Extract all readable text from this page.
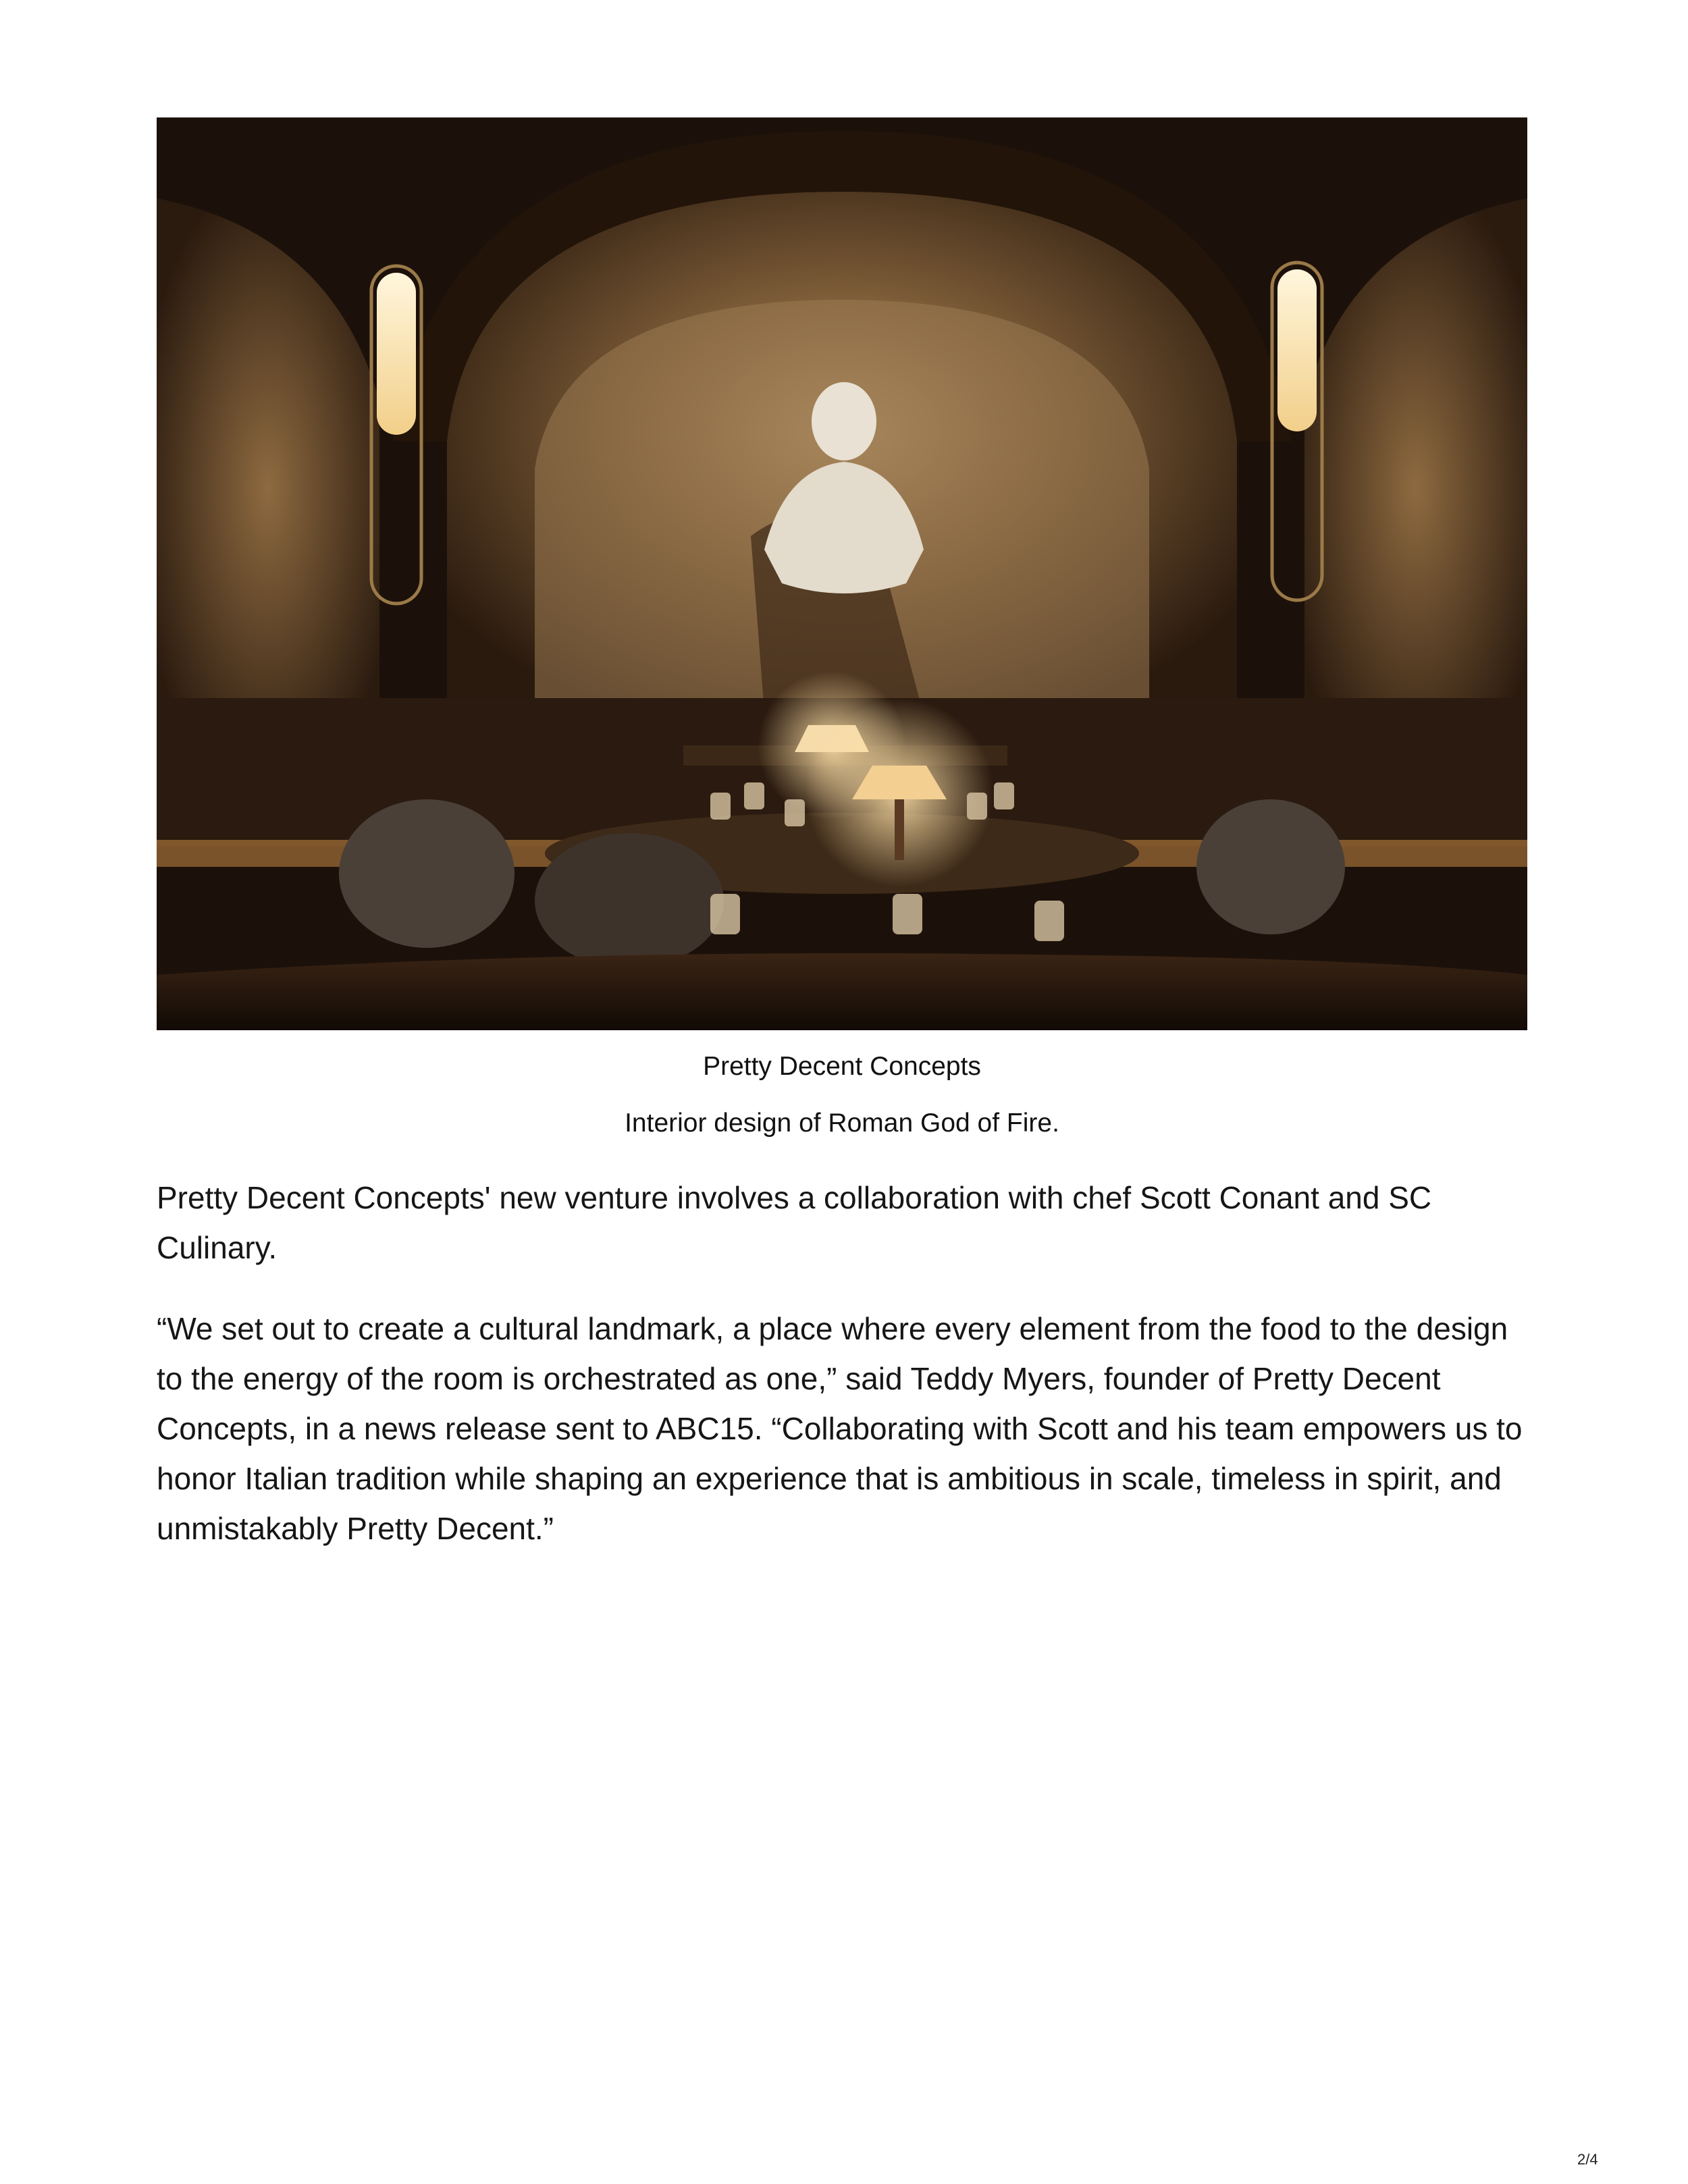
Pretty Decent Concepts
Interior design of Roman God of Fire.

Pretty Decent Concepts' new venture involves a collaboration with chef Scott Conant and SC Culinary.

“We set out to create a cultural landmark, a place where every element from the food to the design to the energy of the room is orchestrated as one,” said Teddy Myers, founder of Pretty Decent Concepts, in a news release sent to ABC15. “Collaborating with Scott and his team empowers us to honor Italian tradition while shaping an experience that is ambitious in scale, timeless in spirit, and unmistakably Pretty Decent.”

2/4
